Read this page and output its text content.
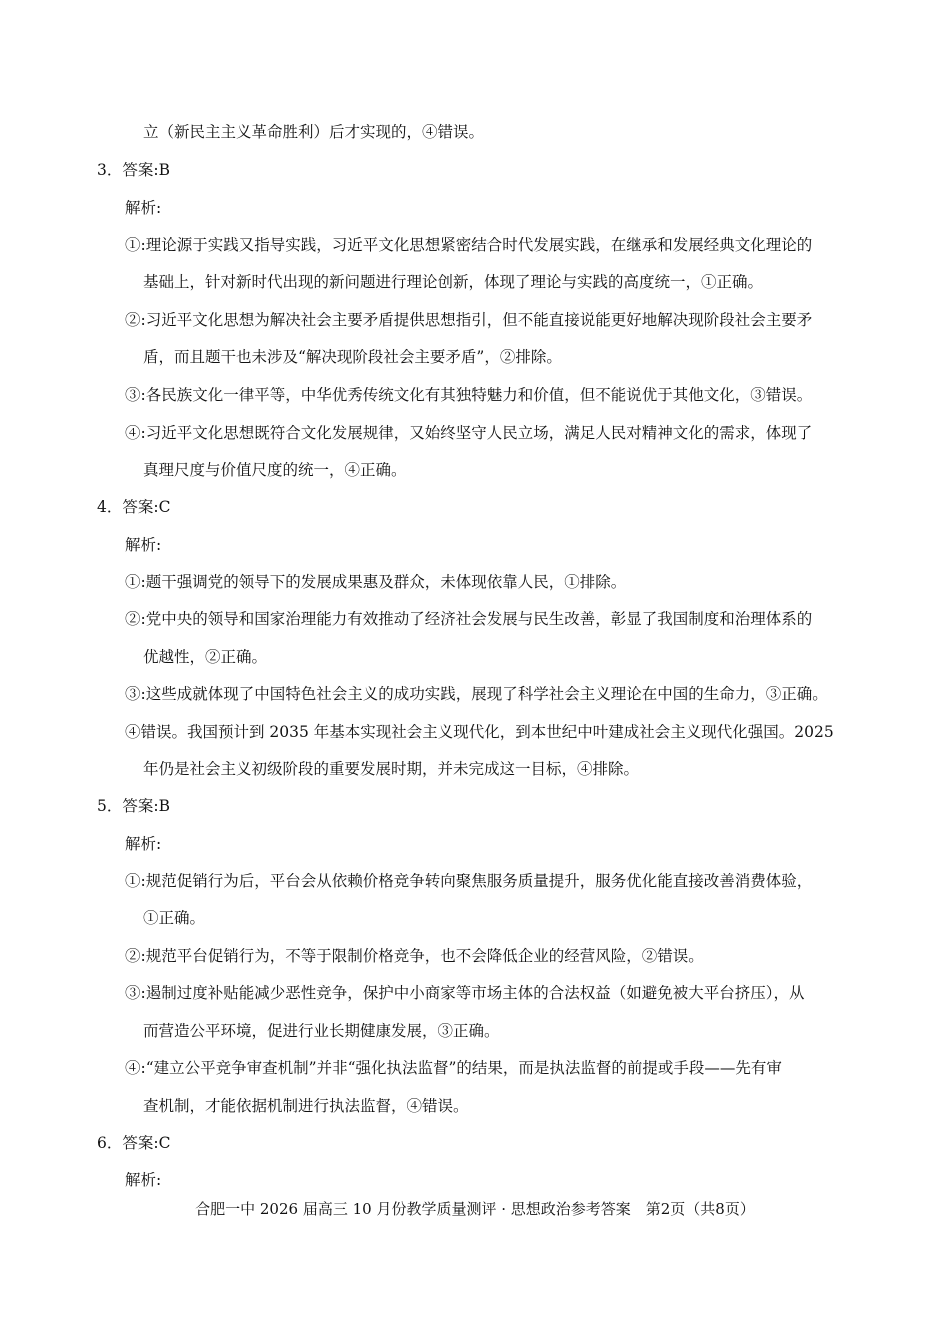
立（新民主主义革命胜利）后才实现的，④错误。
3．答案:B
解析:
①:理论源于实践又指导实践，习近平文化思想紧密结合时代发展实践，在继承和发展经典文化理论的
基础上，针对新时代出现的新问题进行理论创新，体现了理论与实践的高度统一，①正确。
②:习近平文化思想为解决社会主要矛盾提供思想指引，但不能直接说能更好地解决现阶段社会主要矛
盾，而且题干也未涉及“解决现阶段社会主要矛盾”，②排除。
③:各民族文化一律平等，中华优秀传统文化有其独特魅力和价值，但不能说优于其他文化，③错误。
④:习近平文化思想既符合文化发展规律，又始终坚守人民立场，满足人民对精神文化的需求，体现了
真理尺度与价值尺度的统一，④正确。
4．答案:C
解析:
①:题干强调党的领导下的发展成果惠及群众，未体现依靠人民，①排除。
②:党中央的领导和国家治理能力有效推动了经济社会发展与民生改善，彰显了我国制度和治理体系的
优越性，②正确。
③:这些成就体现了中国特色社会主义的成功实践，展现了科学社会主义理论在中国的生命力，③正确。
④错误。我国预计到 2035 年基本实现社会主义现代化，到本世纪中叶建成社会主义现代化强国。2025
年仍是社会主义初级阶段的重要发展时期，并未完成这一目标，④排除。
5．答案:B
解析:
①:规范促销行为后，平台会从依赖价格竞争转向聚焦服务质量提升，服务优化能直接改善消费体验，
①正确。
②:规范平台促销行为，不等于限制价格竞争，也不会降低企业的经营风险，②错误。
③:遏制过度补贴能减少恶性竞争，保护中小商家等市场主体的合法权益（如避免被大平台挤压），从
而营造公平环境，促进行业长期健康发展，③正确。
④:“建立公平竞争审查机制”并非“强化执法监督”的结果，而是执法监督的前提或手段——先有审
查机制，才能依据机制进行执法监督，④错误。
6．答案:C
解析:
合肥一中 2026 届高三 10 月份教学质量测评 · 思想政治参考答案　第2页（共8页）
